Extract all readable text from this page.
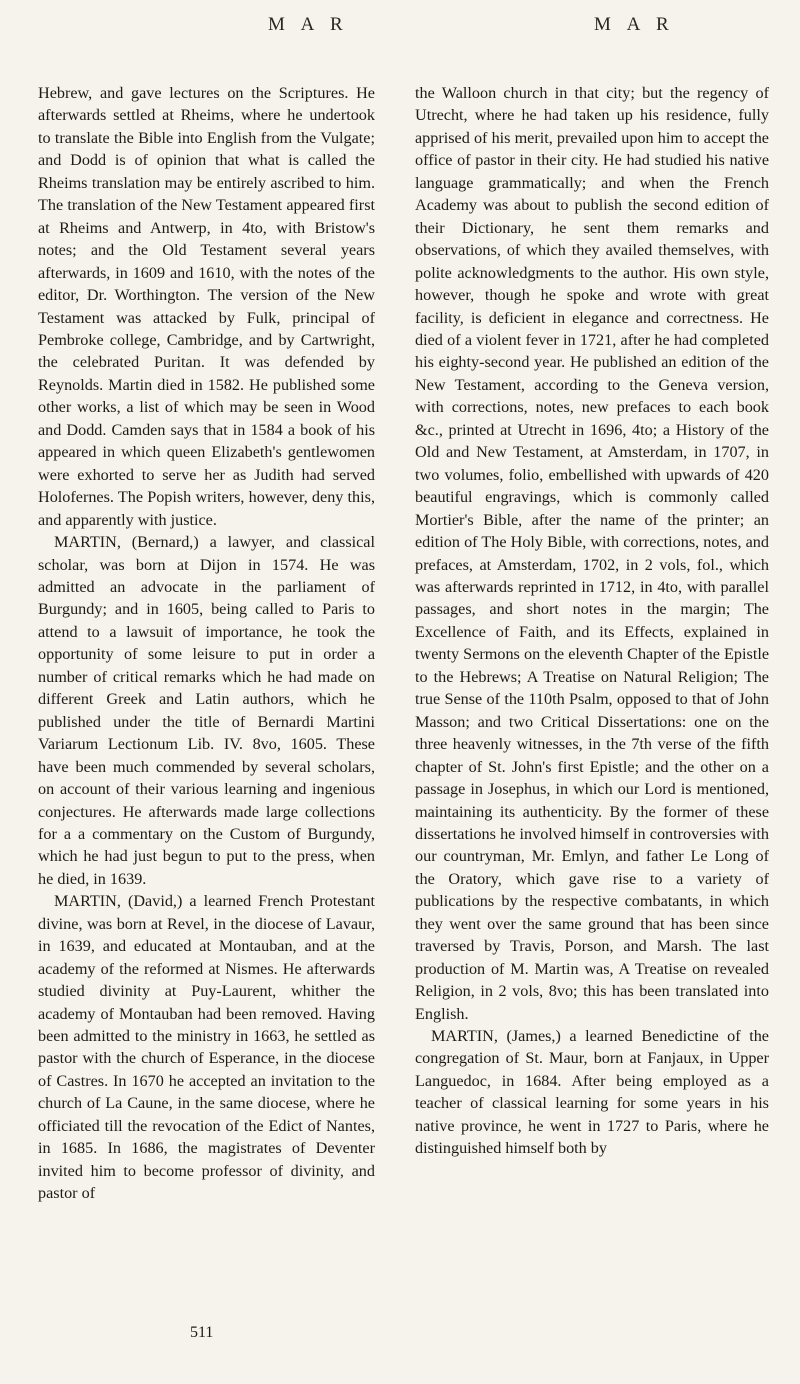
M A R	M A R

Hebrew, and gave lectures on the Scriptures. He afterwards settled at Rheims, where he undertook to translate the Bible into English from the Vulgate; and Dodd is of opinion that what is called the Rheims translation may be entirely ascribed to him. The translation of the New Testament appeared first at Rheims and Antwerp, in 4to, with Bristow's notes; and the Old Testament several years afterwards, in 1609 and 1610, with the notes of the editor, Dr. Worthington. The version of the New Testament was attacked by Fulk, principal of Pembroke college, Cambridge, and by Cartwright, the celebrated Puritan. It was defended by Reynolds. Martin died in 1582. He published some other works, a list of which may be seen in Wood and Dodd. Camden says that in 1584 a book of his appeared in which queen Elizabeth's gentlewomen were exhorted to serve her as Judith had served Holofernes. The Popish writers, however, deny this, and apparently with justice.

MARTIN, (Bernard,) a lawyer, and classical scholar, was born at Dijon in 1574. He was admitted an advocate in the parliament of Burgundy; and in 1605, being called to Paris to attend to a lawsuit of importance, he took the opportunity of some leisure to put in order a number of critical remarks which he had made on different Greek and Latin authors, which he published under the title of Bernardi Martini Variarum Lectionum Lib. IV. 8vo, 1605. These have been much commended by several scholars, on account of their various learning and ingenious conjectures. He afterwards made large collections for a a commentary on the Custom of Burgundy, which he had just begun to put to the press, when he died, in 1639.

MARTIN, (David,) a learned French Protestant divine, was born at Revel, in the diocese of Lavaur, in 1639, and educated at Montauban, and at the academy of the reformed at Nismes. He afterwards studied divinity at Puy-Laurent, whither the academy of Montauban had been removed. Having been admitted to the ministry in 1663, he settled as pastor with the church of Esperance, in the diocese of Castres. In 1670 he accepted an invitation to the church of La Caune, in the same diocese, where he officiated till the revocation of the Edict of Nantes, in 1685. In 1686, the magistrates of Deventer invited him to become professor of divinity, and pastor of

the Walloon church in that city; but the regency of Utrecht, where he had taken up his residence, fully apprised of his merit, prevailed upon him to accept the office of pastor in their city. He had studied his native language grammatically; and when the French Academy was about to publish the second edition of their Dictionary, he sent them remarks and observations, of which they availed themselves, with polite acknowledgments to the author. His own style, however, though he spoke and wrote with great facility, is deficient in elegance and correctness. He died of a violent fever in 1721, after he had completed his eighty-second year. He published an edition of the New Testament, according to the Geneva version, with corrections, notes, new prefaces to each book &c., printed at Utrecht in 1696, 4to; a History of the Old and New Testament, at Amsterdam, in 1707, in two volumes, folio, embellished with upwards of 420 beautiful engravings, which is commonly called Mortier's Bible, after the name of the printer; an edition of The Holy Bible, with corrections, notes, and prefaces, at Amsterdam, 1702, in 2 vols, fol., which was afterwards reprinted in 1712, in 4to, with parallel passages, and short notes in the margin; The Excellence of Faith, and its Effects, explained in twenty Sermons on the eleventh Chapter of the Epistle to the Hebrews; A Treatise on Natural Religion; The true Sense of the 110th Psalm, opposed to that of John Masson; and two Critical Dissertations: one on the three heavenly witnesses, in the 7th verse of the fifth chapter of St. John's first Epistle; and the other on a passage in Josephus, in which our Lord is mentioned, maintaining its authenticity. By the former of these dissertations he involved himself in controversies with our countryman, Mr. Emlyn, and father Le Long of the Oratory, which gave rise to a variety of publications by the respective combatants, in which they went over the same ground that has been since traversed by Travis, Porson, and Marsh. The last production of M. Martin was, A Treatise on revealed Religion, in 2 vols, 8vo; this has been translated into English.

MARTIN, (James,) a learned Benedictine of the congregation of St. Maur, born at Fanjaux, in Upper Languedoc, in 1684. After being employed as a teacher of classical learning for some years in his native province, he went in 1727 to Paris, where he distinguished himself both by

511
